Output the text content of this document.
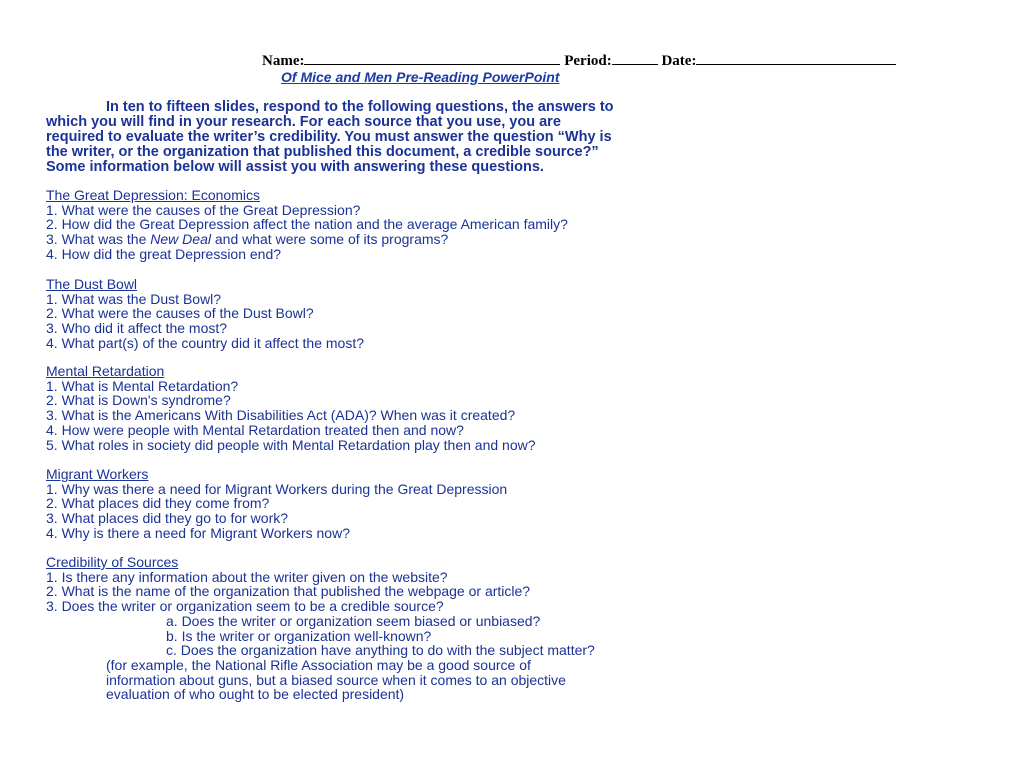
Name:	Period:	Date:
Of Mice and Men Pre-Reading PowerPoint
In ten to fifteen slides, respond to the following questions, the answers to
which you will find in your research. For each source that you use, you are
required to evaluate the writer’s credibility. You must answer the question “Why is
the writer, or the organization that published this document, a credible source?”
Some information below will assist you with answering these questions.
The Great Depression: Economics
1. What were the causes of the Great Depression?
2. How did the Great Depression affect the nation and the average American family?
3. What was the New Deal and what were some of its programs?
4. How did the great Depression end?
The Dust Bowl
1. What was the Dust Bowl?
2. What were the causes of the Dust Bowl?
3. Who did it affect the most?
4. What part(s) of the country did it affect the most?
Mental Retardation
1. What is Mental Retardation?
2. What is Down's syndrome?
3. What is the Americans With Disabilities Act (ADA)? When was it created?
4. How were people with Mental Retardation treated then and now?
5. What roles in society did people with Mental Retardation play then and now?
Migrant Workers
1. Why was there a need for Migrant Workers during the Great Depression
2. What places did they come from?
3. What places did they go to for work?
4. Why is there a need for Migrant Workers now?
Credibility of Sources
1. Is there any information about the writer given on the website?
2. What is the name of the organization that published the webpage or article?
3. Does the writer or organization seem to be a credible source?
a. Does the writer or organization seem biased or unbiased?
b. Is the writer or organization well-known?
c. Does the organization have anything to do with the subject matter?
(for example, the National Rifle Association may be a good source of
information about guns, but a biased source when it comes to an objective
evaluation of who ought to be elected president)
